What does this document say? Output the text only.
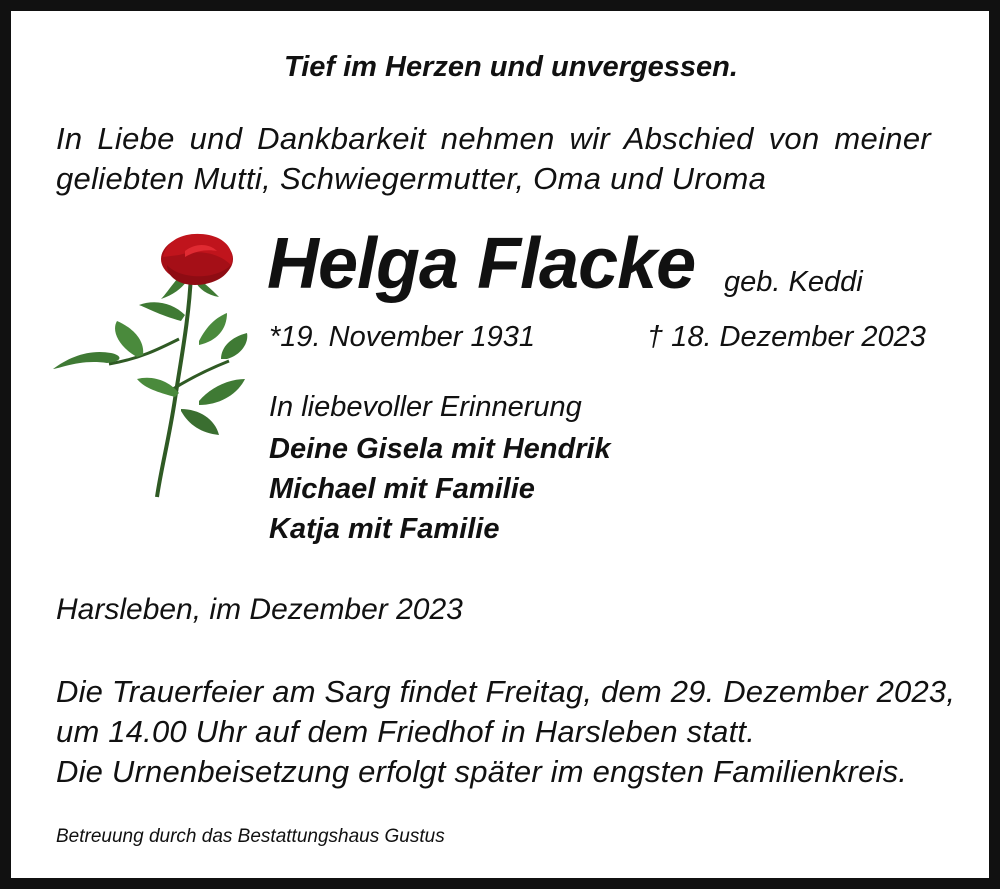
Tief im Herzen und unvergessen.
In Liebe und Dankbarkeit nehmen wir Abschied von meiner
geliebten Mutti, Schwiegermutter, Oma und Uroma
Helga Flacke geb. Keddi
*19. November 1931	† 18. Dezember 2023
In liebevoller Erinnerung
Deine Gisela mit Hendrik
Michael mit Familie
Katja mit Familie
Harsleben, im Dezember 2023
Die Trauerfeier am Sarg findet Freitag, dem 29. Dezember 2023,
um 14.00 Uhr auf dem Friedhof in Harsleben statt.
Die Urnenbeisetzung erfolgt später im engsten Familienkreis.
Betreuung durch das Bestattungshaus Gustus
